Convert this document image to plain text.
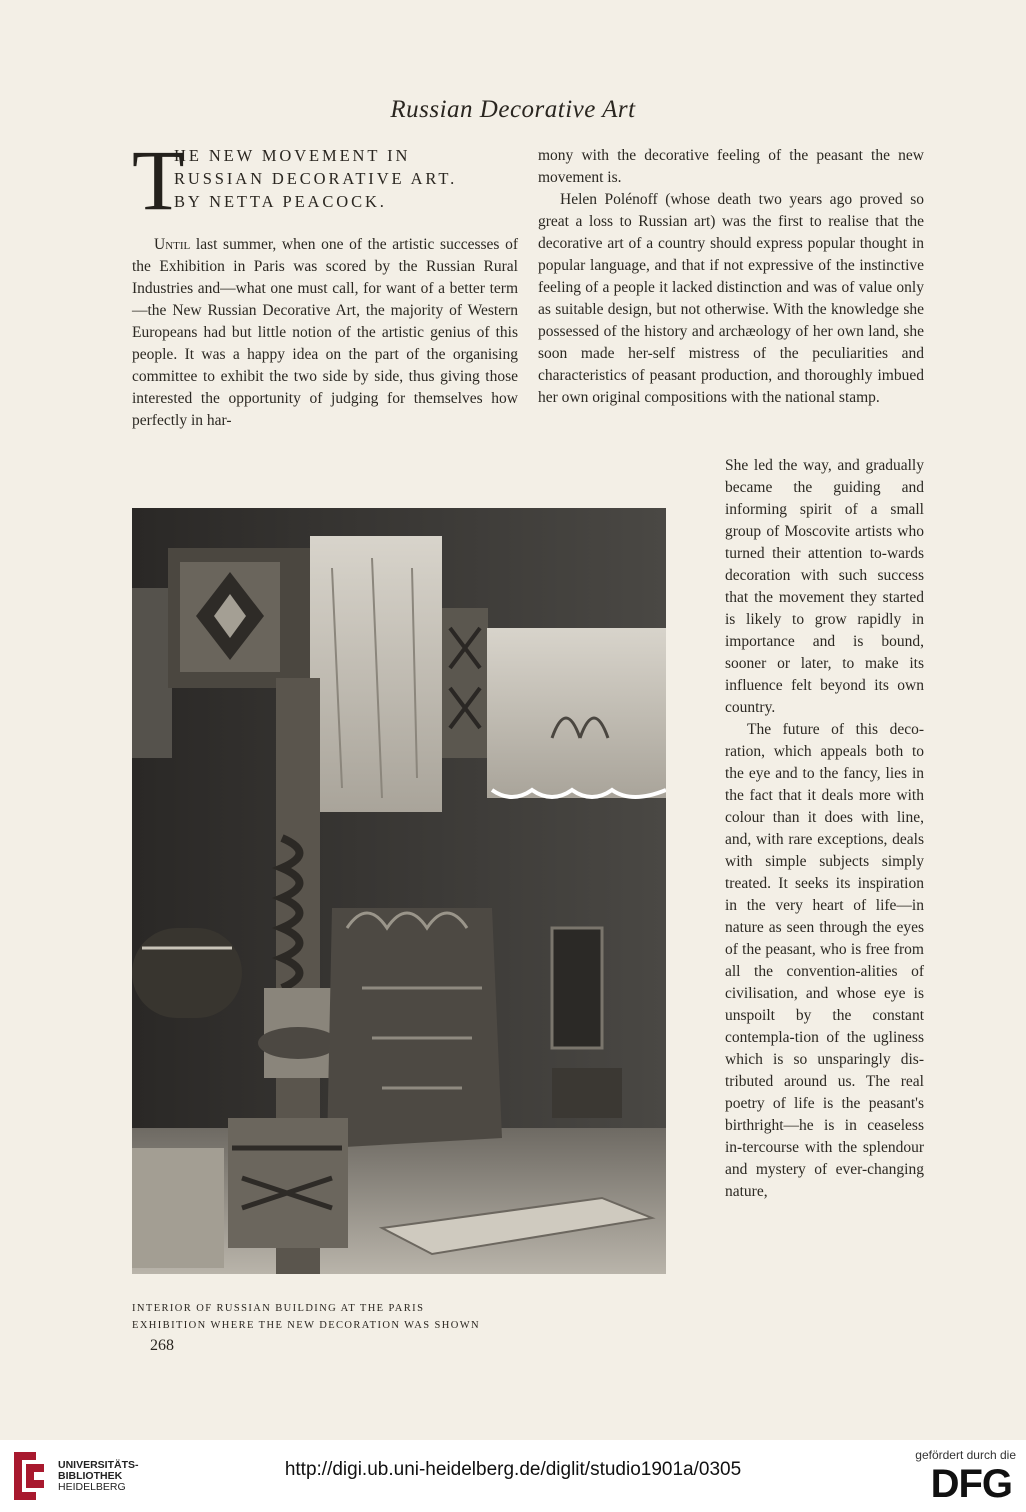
Russian Decorative Art
T
HE NEW MOVEMENT IN
RUSSIAN DECORATIVE ART.
BY NETTA PEACOCK.

Until last summer, when one of the artistic successes of the Exhibition in Paris was scored by the Russian Rural Industries and—what one must call, for want of a better term—the New Russian Decorative Art, the majority of Western Europeans had but little notion of the artistic genius of this people. It was a happy idea on the part of the organising committee to exhibit the two side by side, thus giving those interested the opportunity of judging for themselves how perfectly in har-

mony with the decorative feeling of the peasant the new movement is.

Helen Polénoff (whose death two years ago proved so great a loss to Russian art) was the first to realise that the decorative art of a country should express popular thought in popular language, and that if not expressive of the instinctive feeling of a people it lacked distinction and was of value only as suitable design, but not otherwise. With the knowledge she possessed of the history and archæology of her own land, she soon made her-self mistress of the peculiarities and characteristics of peasant production, and thoroughly imbued her own original compositions with the national stamp.

She led the way, and gradually became the guiding and informing spirit of a small group of Moscovite artists who turned their attention to-wards decoration with such success that the movement they started is likely to grow rapidly in importance and is bound, sooner or later, to make its influence felt beyond its own country.

The future of this deco-ration, which appeals both to the eye and to the fancy, lies in the fact that it deals more with colour than it does with line, and, with rare exceptions, deals with simple subjects simply treated. It seeks its inspiration in the very heart of life—in nature as seen through the eyes of the peasant, who is free from all the convention-alities of civilisation, and whose eye is unspoilt by the constant contempla-tion of the ugliness which is so unsparingly dis-tributed around us. The real poetry of life is the peasant's birthright—he is in ceaseless in-tercourse with the splendour and mystery of ever-changing nature,

INTERIOR OF RUSSIAN BUILDING AT THE PARIS
EXHIBITION WHERE THE NEW DECORATION WAS SHOWN
268
UNIVERSITÄTS-
BIBLIOTHEK
HEIDELBERG
http://digi.ub.uni-heidelberg.de/diglit/studio1901a/0305
gefördert durch die
DFG
